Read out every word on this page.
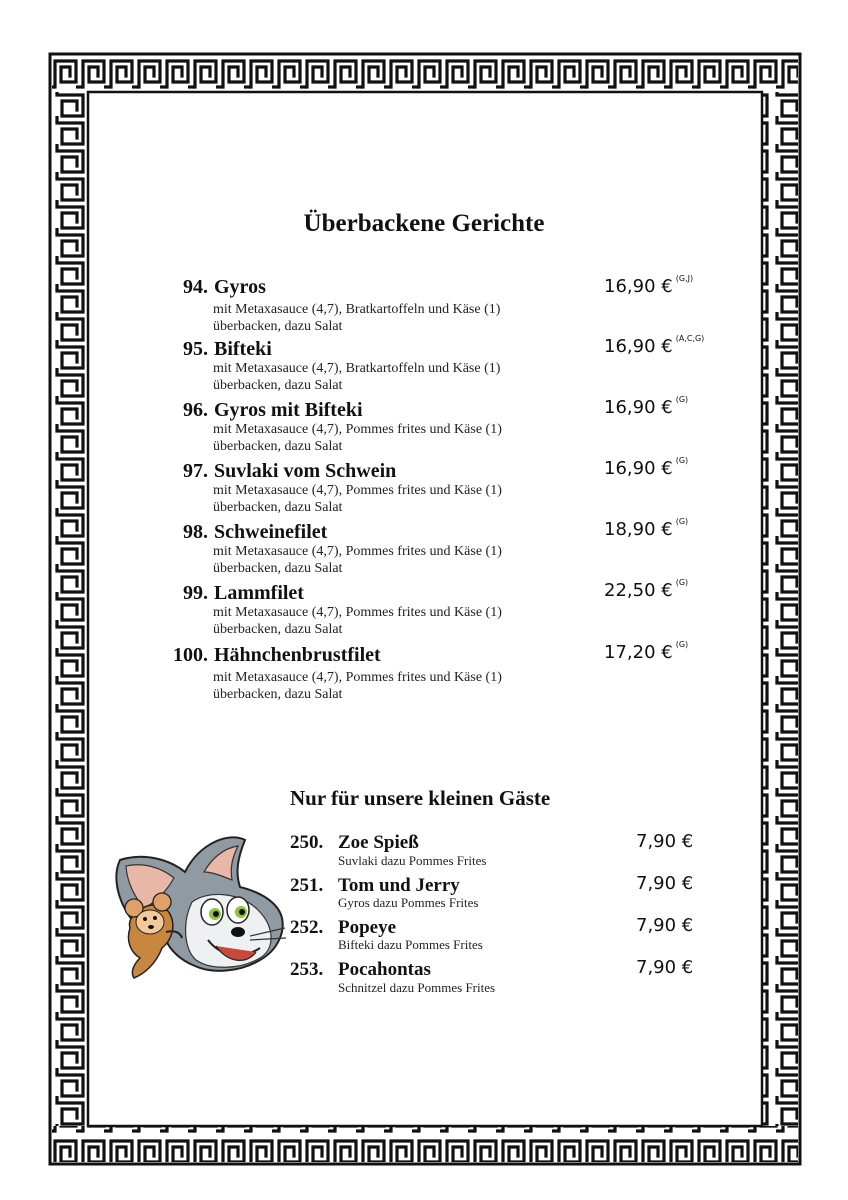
Überbackene Gerichte
94. Gyros
mit Metaxasauce (4,7), Bratkartoffeln und Käse (1) überbacken, dazu Salat
16,90 € $^{(G,J)}$
95. Bifteki
mit Metaxasauce (4,7), Bratkartoffeln und Käse (1) überbacken, dazu Salat
16,90 € $^{(A,C,G)}$
96. Gyros mit Bifteki
mit Metaxasauce (4,7), Pommes frites und Käse (1) überbacken, dazu Salat
16,90 € $^{(G)}$
97. Suvlaki vom Schwein
mit Metaxasauce (4,7), Pommes frites und Käse (1) überbacken, dazu Salat
16,90 € $^{(G)}$
98. Schweinefilet
mit Metaxasauce (4,7), Pommes frites und Käse (1) überbacken, dazu Salat
18,90 € $^{(G)}$
99. Lammfilet
mit Metaxasauce (4,7), Pommes frites und Käse (1) überbacken, dazu Salat
22,50 € $^{(G)}$
100. Hähnchenbrustfilet
mit Metaxasauce (4,7), Pommes frites und Käse (1) überbacken, dazu Salat
17,20 € $^{(G)}$
Nur für unsere kleinen Gäste
250. Zoe Spieß
Suvlaki dazu Pommes Frites
7,90 €
251. Tom und Jerry
Gyros dazu Pommes Frites
7,90 €
252. Popeye
Bifteki dazu Pommes Frites
7,90 €
253. Pocahontas
Schnitzel dazu Pommes Frites
7,90 €
